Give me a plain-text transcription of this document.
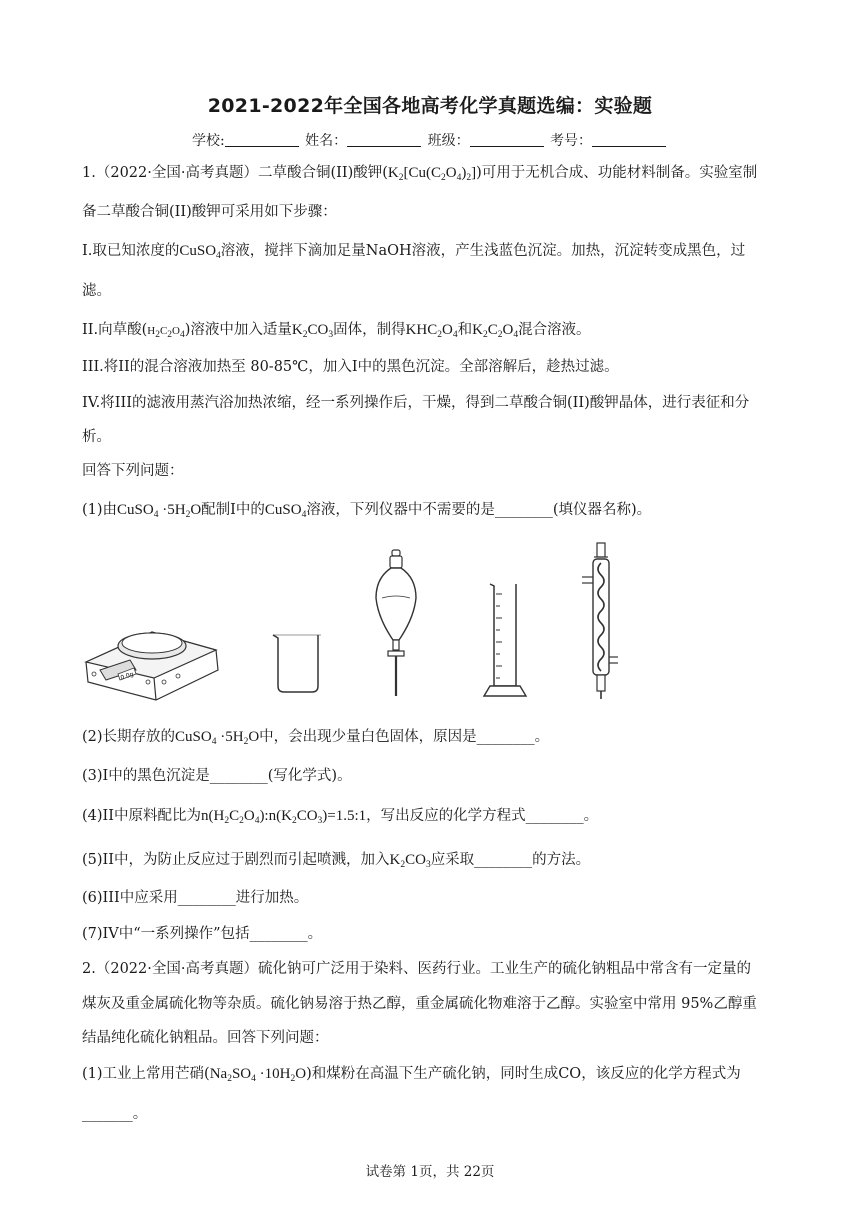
2021-2022年全国各地高考化学真题选编：实验题
学校:	姓名：	班级：	考号：
1.（2022·全国·高考真题）二草酸合铜(II)酸钾$(K_2[Cu(C_2O_4)_2])$可用于无机合成、功能材料制备。实验室制
备二草酸合铜(II)酸钾可采用如下步骤：
I.取已知浓度的CuSO$_4$溶液，搅拌下滴加足量NaOH溶液，产生浅蓝色沉淀。加热，沉淀转变成黑色，过
滤。
II.向草酸$(H_2C_2O_4)$溶液中加入适量$K_2CO_3$固体，制得$KHC_2O_4$和$K_2C_2O_4$混合溶液。
III.将II的混合溶液加热至 80-85℃，加入I中的黑色沉淀。全部溶解后，趁热过滤。
IV.将III的滤液用蒸汽浴加热浓缩，经一系列操作后，干燥，得到二草酸合铜(II)酸钾晶体，进行表征和分
析。
回答下列问题：
(1)由CuSO$_4$ $\cdot 5H_2O$配制I中的CuSO$_4$溶液，下列仪器中不需要的是________(填仪器名称)。
0.0g
(2)长期存放的CuSO$_4$ $\cdot 5H_2O$中，会出现少量白色固体，原因是________。
(3)I中的黑色沉淀是________(写化学式)。
(4)II中原料配比为$n(H_2C_2O_4):n(K_2CO_3)=1.5:1$，写出反应的化学方程式________。
(5)II中，为防止反应过于剧烈而引起喷溅，加入$K_2CO_3$应采取________的方法。
(6)III中应采用________进行加热。
(7)IV中“一系列操作”包括________。
2.（2022·全国·高考真题）硫化钠可广泛用于染料、医药行业。工业生产的硫化钠粗品中常含有一定量的
煤灰及重金属硫化物等杂质。硫化钠易溶于热乙醇，重金属硫化物难溶于乙醇。实验室中常用 95%乙醇重
结晶纯化硫化钠粗品。回答下列问题：
(1)工业上常用芒硝$(Na_2SO_4 \cdot 10H_2O)$和煤粉在高温下生产硫化钠，同时生成CO，该反应的化学方程式为
_______。
试卷第 1页，共 22页
